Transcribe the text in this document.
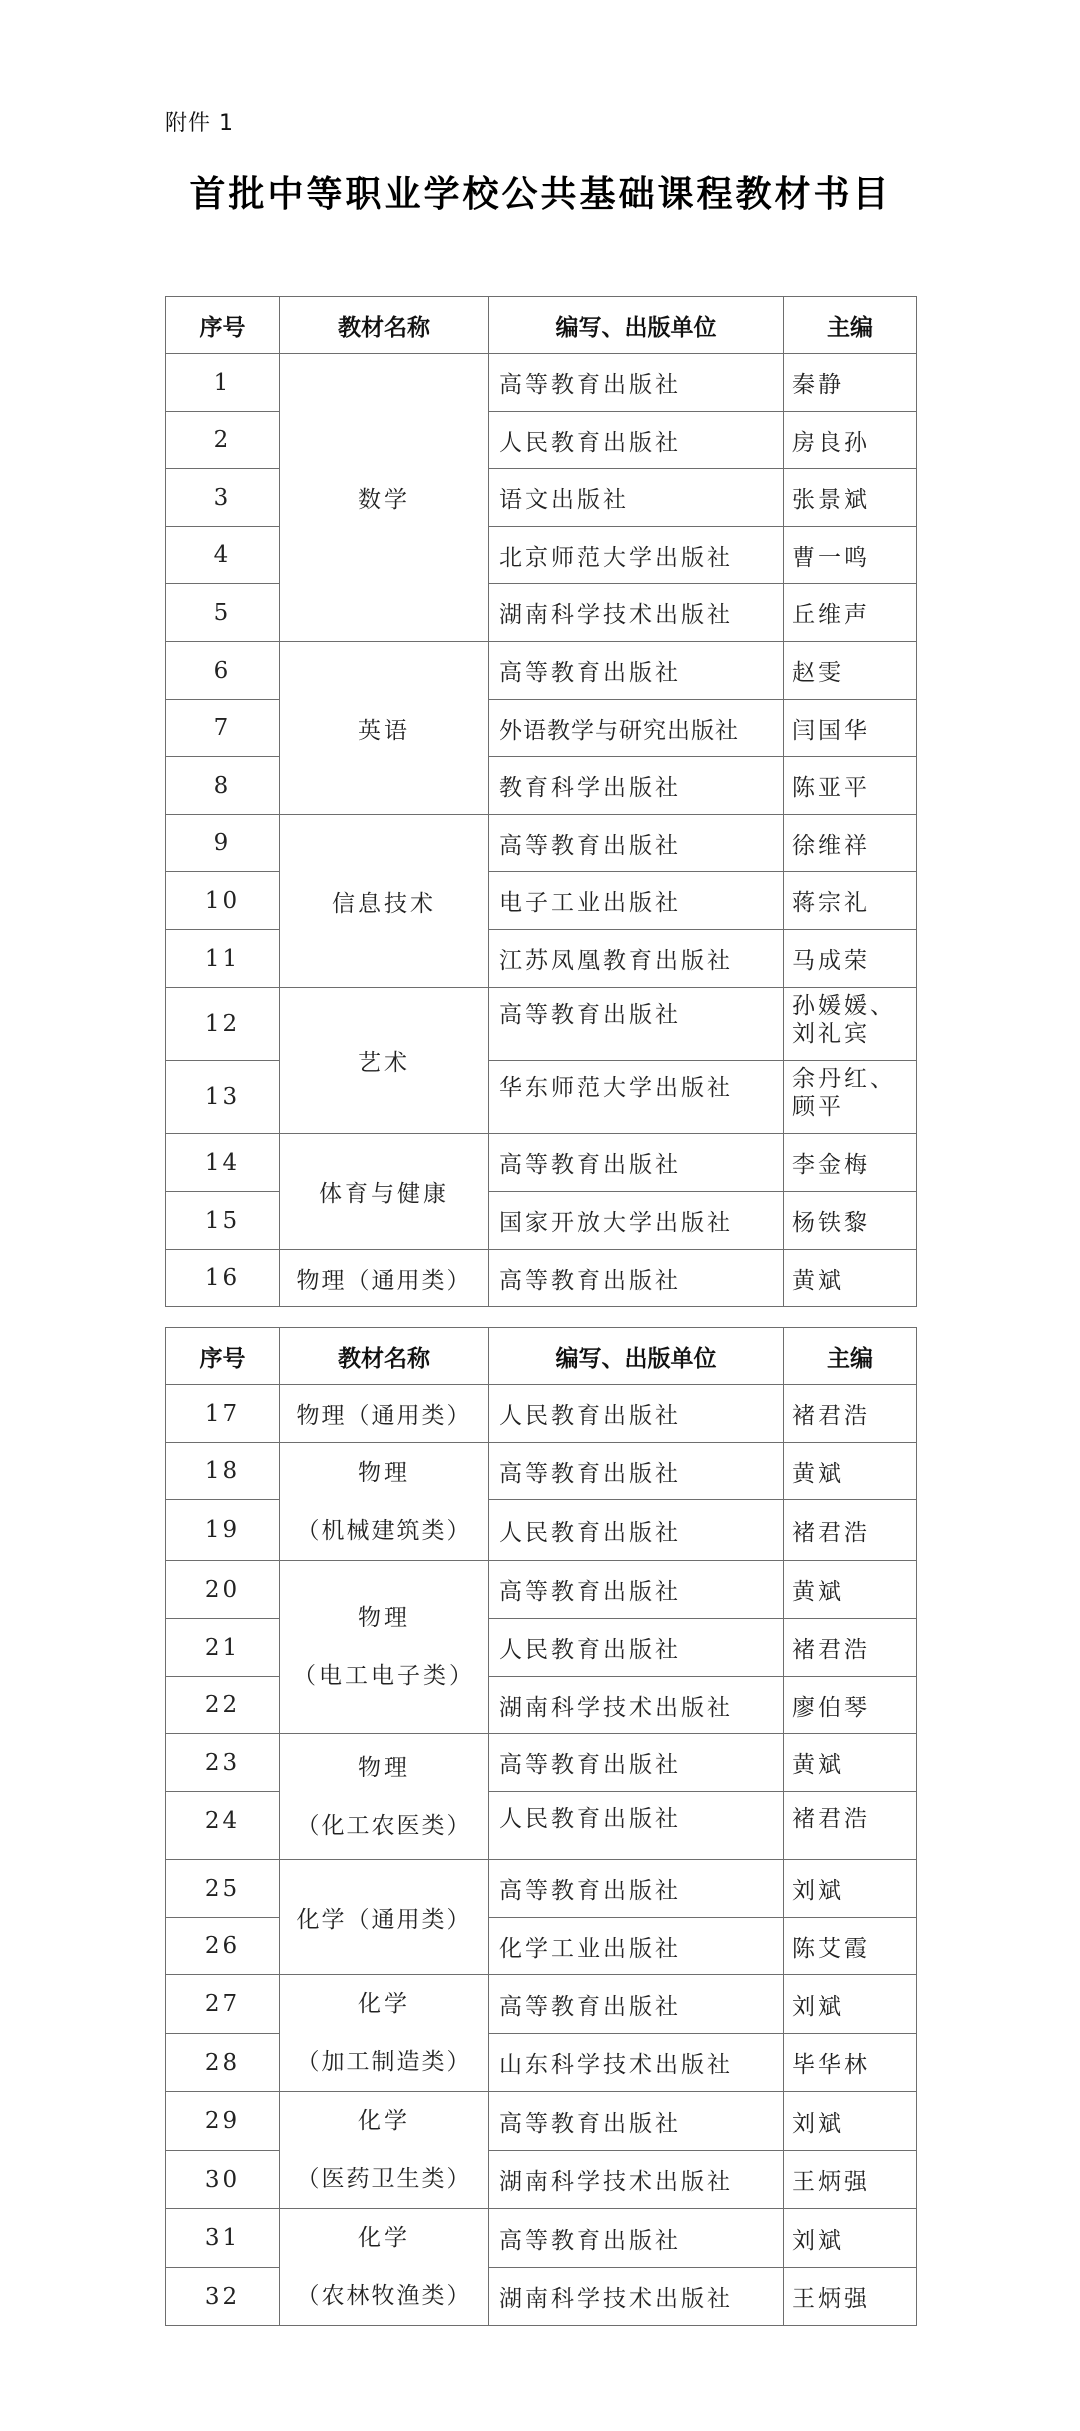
附件 1
首批中等职业学校公共基础课程教材书目
序号	教材名称	编写、出版单位	主编
1	数学	高等教育出版社	秦静
2		人民教育出版社	房良孙
3		语文出版社	张景斌
4		北京师范大学出版社	曹一鸣
5		湖南科学技术出版社	丘维声
6	英语	高等教育出版社	赵雯
7		外语教学与研究出版社	闫国华
8		教育科学出版社	陈亚平
9	信息技术	高等教育出版社	徐维祥
10		电子工业出版社	蒋宗礼
11		江苏凤凰教育出版社	马成荣
12	艺术	高等教育出版社	孙媛媛、
刘礼宾

13		华东师范大学出版社	余丹红、
顾平

14	体育与健康	高等教育出版社	李金梅
15		国家开放大学出版社	杨铁黎
16	物理（通用类）	高等教育出版社	黄斌
序号	教材名称	编写、出版单位	主编
17	物理（通用类）	人民教育出版社	褚君浩
18	物理
（机械建筑类）	高等教育出版社	黄斌
19		人民教育出版社	褚君浩
20	物理
（电工电子类）	高等教育出版社	黄斌
21		人民教育出版社	褚君浩
22		湖南科学技术出版社	廖伯琴
23	物理
（化工农医类）	高等教育出版社	黄斌
24		人民教育出版社	褚君浩
25	化学（通用类）	高等教育出版社	刘斌
26		化学工业出版社	陈艾霞
27	化学
（加工制造类）	高等教育出版社	刘斌
28		山东科学技术出版社	毕华林
29	化学
（医药卫生类）	高等教育出版社	刘斌
30		湖南科学技术出版社	王炳强
31	化学
（农林牧渔类）	高等教育出版社	刘斌
32		湖南科学技术出版社	王炳强
